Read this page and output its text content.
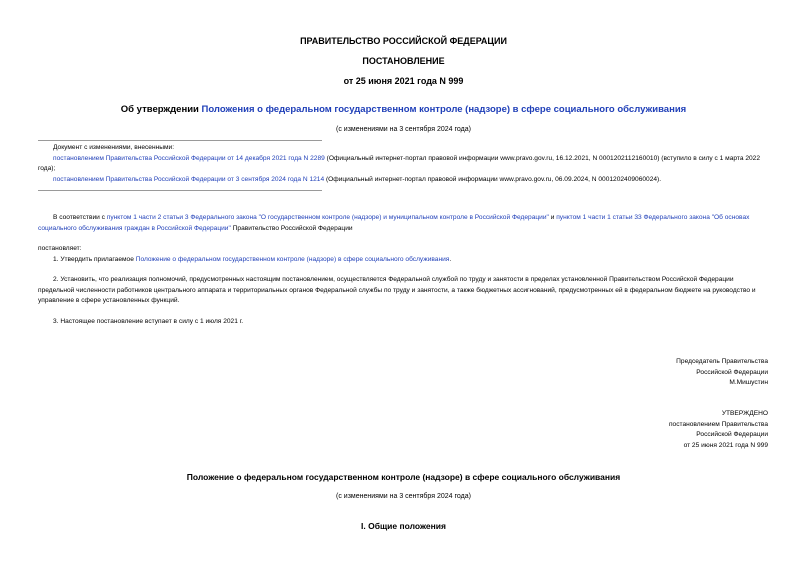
ПРАВИТЕЛЬСТВО РОССИЙСКОЙ ФЕДЕРАЦИИ
ПОСТАНОВЛЕНИЕ
от 25 июня 2021 года N 999
Об утверждении Положения о федеральном государственном контроле (надзоре) в сфере социального обслуживания
(с изменениями на 3 сентября 2024 года)
Документ с изменениями, внесенными:
постановлением Правительства Российской Федерации от 14 декабря 2021 года N 2289 (Официальный интернет-портал правовой информации www.pravo.gov.ru, 16.12.2021, N 0001202112160010) (вступило в силу с 1 марта 2022 года);
постановлением Правительства Российской Федерации от 3 сентября 2024 года N 1214 (Официальный интернет-портал правовой информации www.pravo.gov.ru, 06.09.2024, N 0001202409060024).
В соответствии с пунктом 1 части 2 статьи 3 Федерального закона "О государственном контроле (надзоре) и муниципальном контроле в Российской Федерации" и пунктом 1 части 1 статьи 33 Федерального закона "Об основах социального обслуживания граждан в Российской Федерации" Правительство Российской Федерации
постановляет:
1. Утвердить прилагаемое Положение о федеральном государственном контроле (надзоре) в сфере социального обслуживания.
2. Установить, что реализация полномочий, предусмотренных настоящим постановлением, осуществляется Федеральной службой по труду и занятости в пределах установленной Правительством Российской Федерации предельной численности работников центрального аппарата и территориальных органов Федеральной службы по труду и занятости, а также бюджетных ассигнований, предусмотренных ей в федеральном бюджете на руководство и управление в сфере установленных функций.
3. Настоящее постановление вступает в силу с 1 июля 2021 г.
Председатель Правительства
Российской Федерации
М.Мишустин
УТВЕРЖДЕНО
постановлением Правительства
Российской Федерации
от 25 июня 2021 года N 999
Положение о федеральном государственном контроле (надзоре) в сфере социального обслуживания
(с изменениями на 3 сентября 2024 года)
I. Общие положения
